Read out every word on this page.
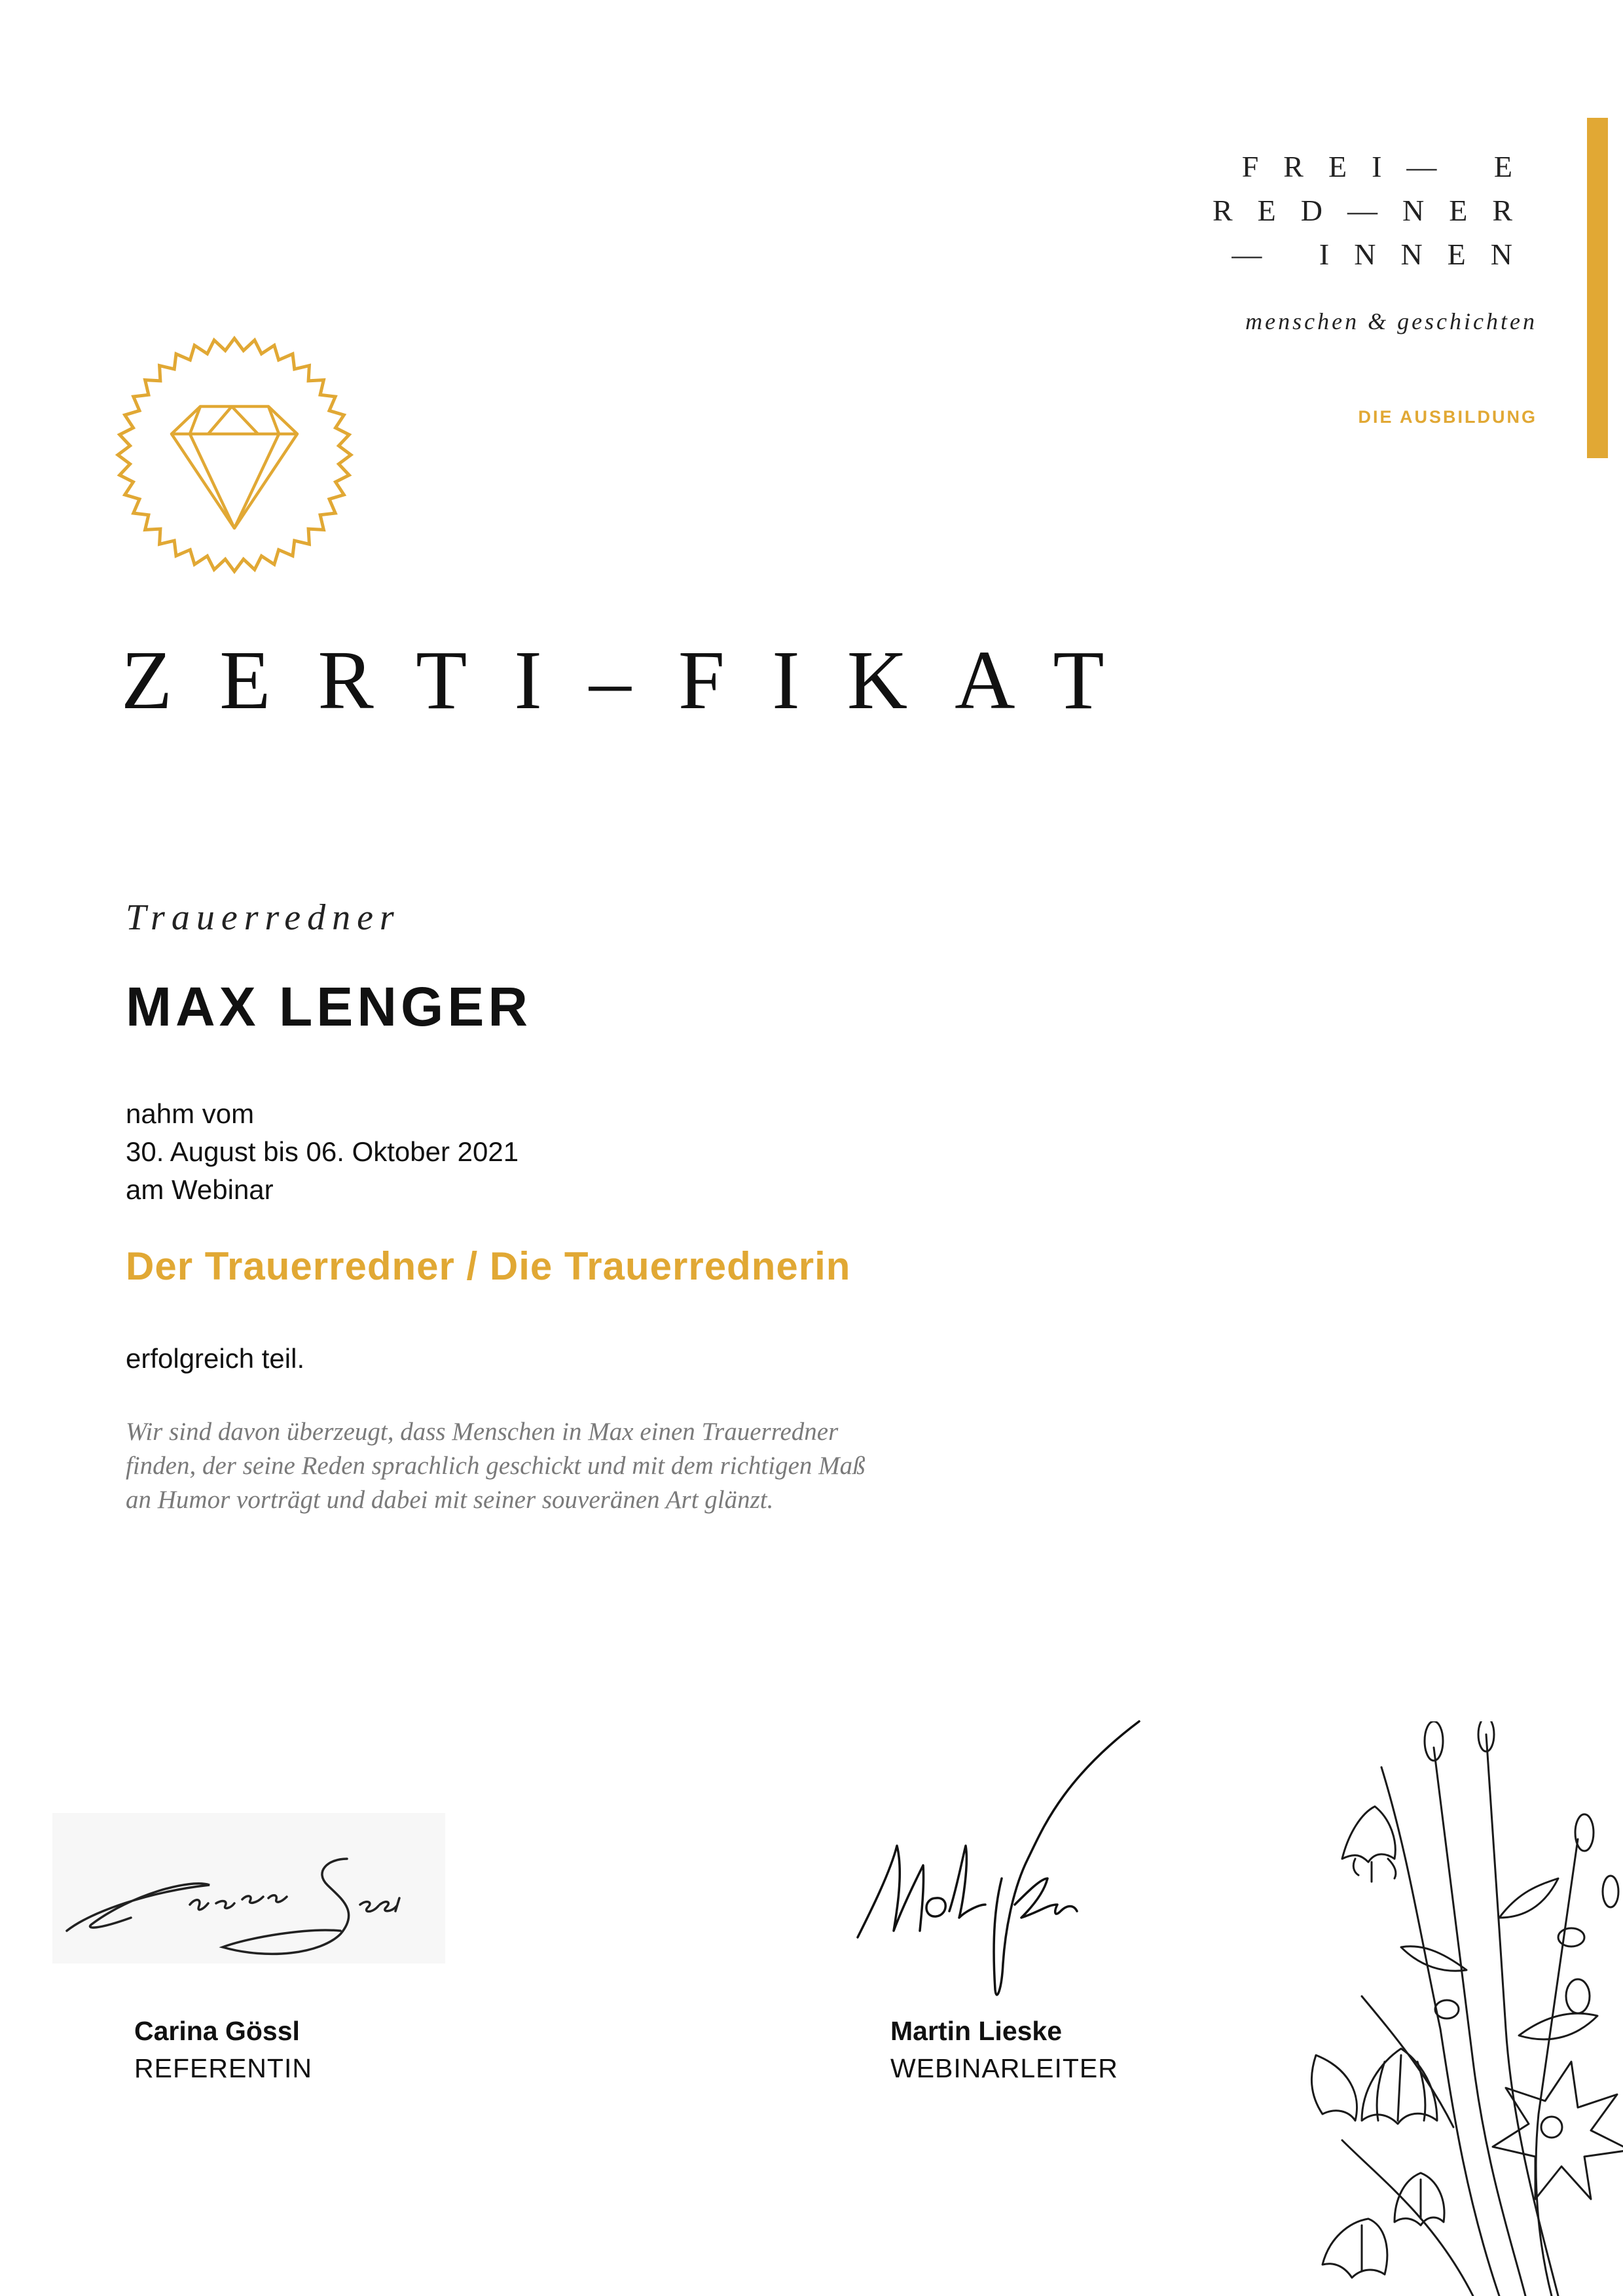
FREI— E
RED—NER
— INNEN
menschen & geschichten
DIE AUSBILDUNG
ZERTI–FIKAT
Trauerredner
MAX LENGER
nahm vom
30. August bis 06. Oktober 2021
am Webinar
Der Trauerredner / Die Trauerrednerin
erfolgreich teil.
Wir sind davon überzeugt, dass Menschen in Max einen Trauerredner finden, der seine Reden sprachlich geschickt und mit dem richtigen Maß an Humor vorträgt und dabei mit seiner souveränen Art glänzt.
Carina Gössl
REFERENTIN
Martin Lieske
WEBINARLEITER
